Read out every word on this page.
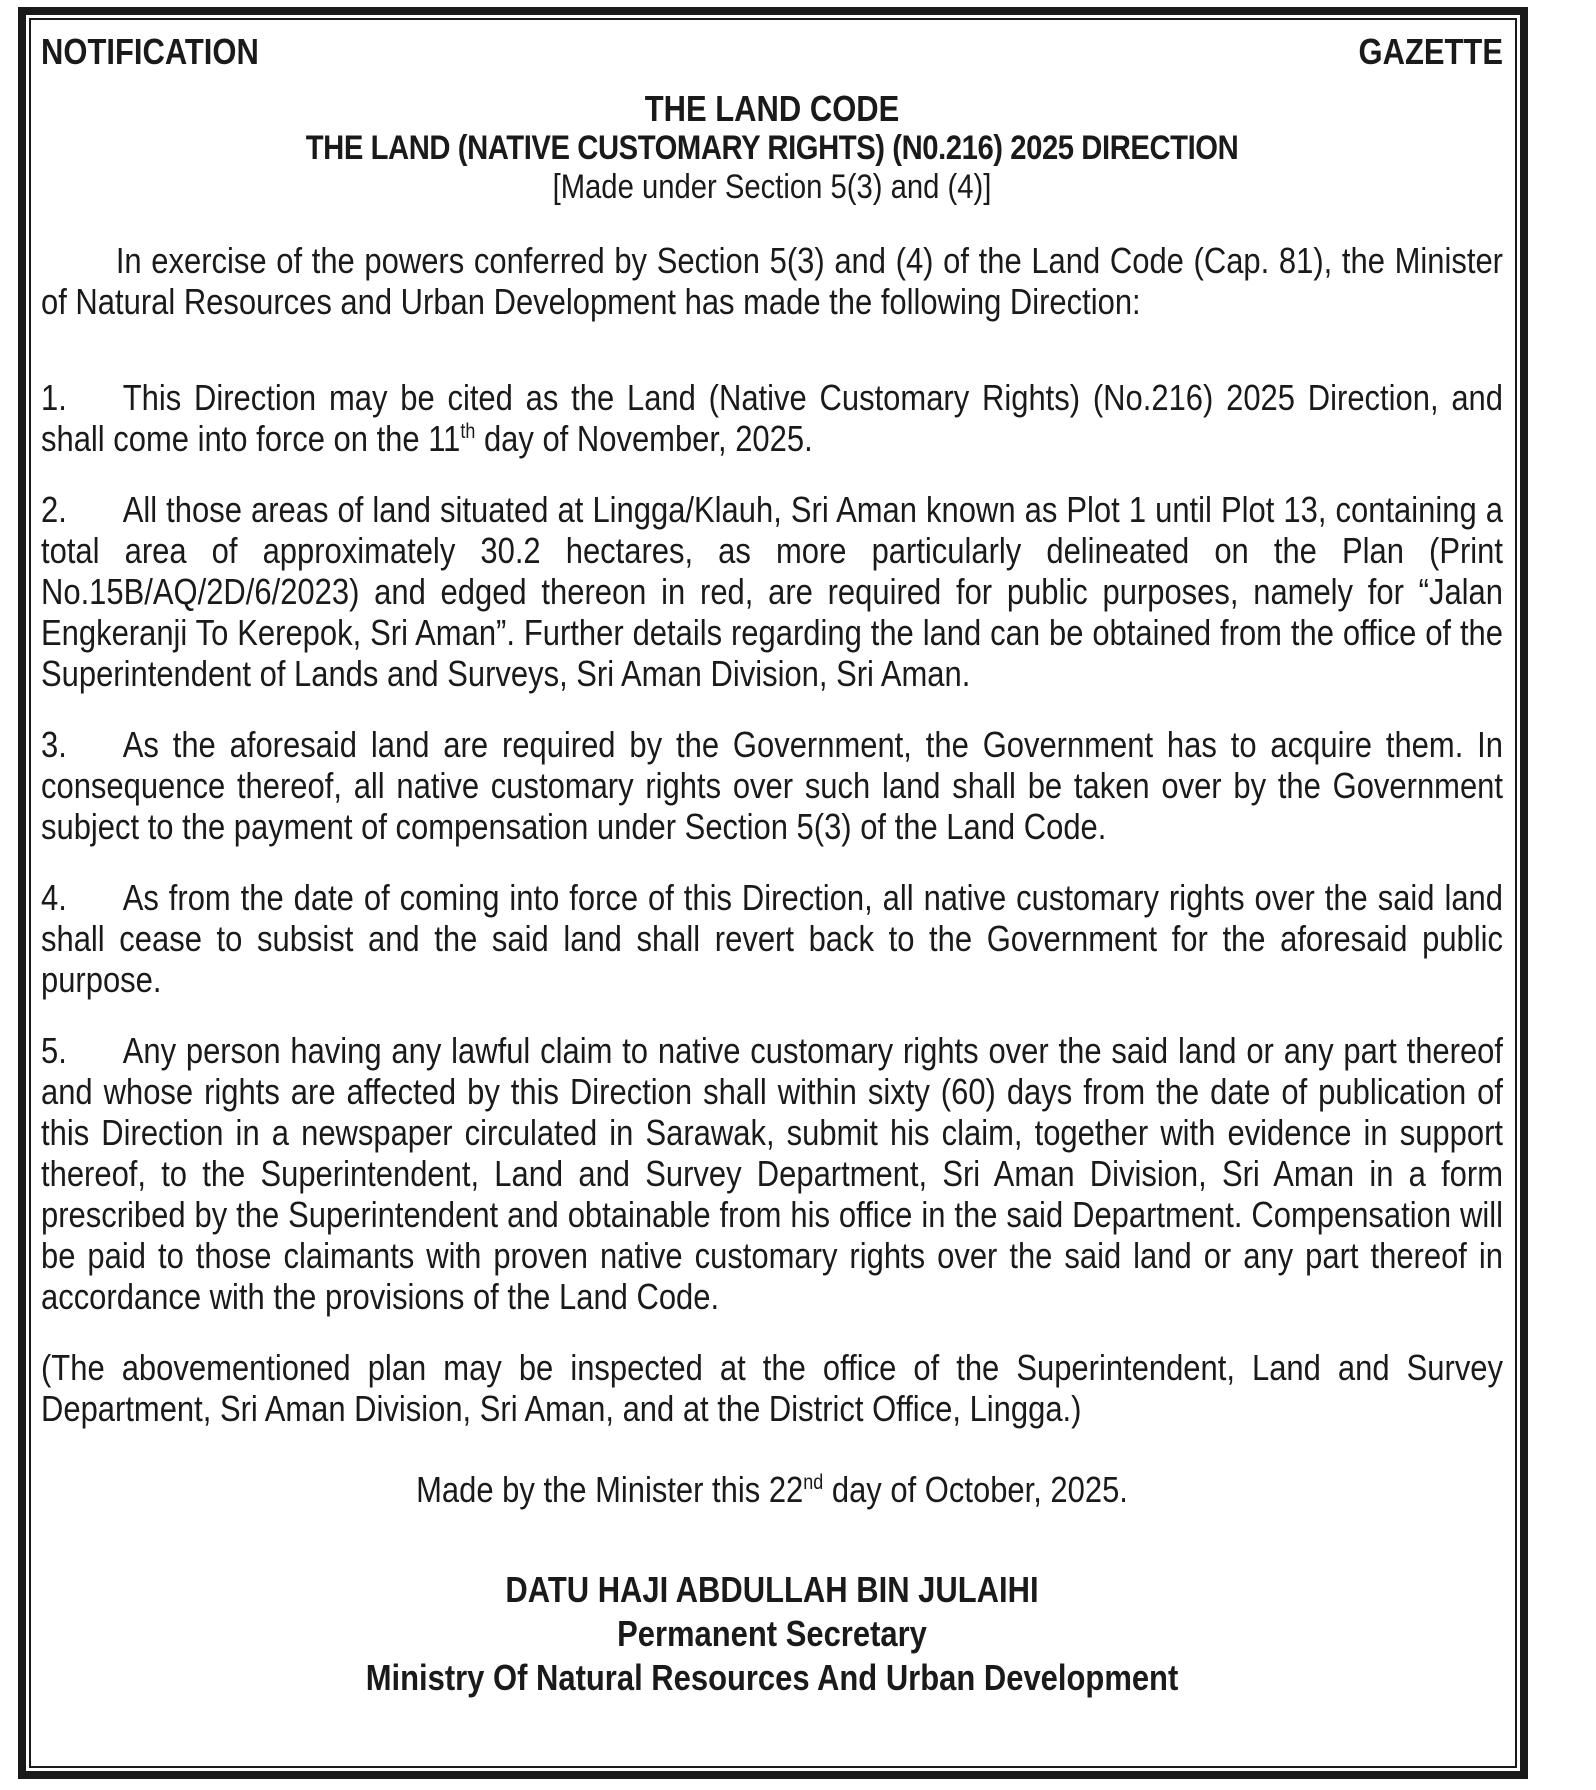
NOTIFICATION	GAZETTE
THE LAND CODE
THE LAND (NATIVE CUSTOMARY RIGHTS) (N0.216) 2025 DIRECTION
[Made under Section 5(3) and (4)]
In exercise of the powers conferred by Section 5(3) and (4) of the Land Code (Cap. 81), the Minister of Natural Resources and Urban Development has made the following Direction:
1. This Direction may be cited as the Land (Native Customary Rights) (No.216) 2025 Direction, and shall come into force on the 11th day of November, 2025.
2. All those areas of land situated at Lingga/Klauh, Sri Aman known as Plot 1 until Plot 13, containing a total area of approximately 30.2 hectares, as more particularly delineated on the Plan (Print No.15B/AQ/2D/6/2023) and edged thereon in red, are required for public purposes, namely for “Jalan Engkeranji To Kerepok, Sri Aman”. Further details regarding the land can be obtained from the office of the Superintendent of Lands and Surveys, Sri Aman Division, Sri Aman.
3. As the aforesaid land are required by the Government, the Government has to acquire them. In consequence thereof, all native customary rights over such land shall be taken over by the Government subject to the payment of compensation under Section 5(3) of the Land Code.
4. As from the date of coming into force of this Direction, all native customary rights over the said land shall cease to subsist and the said land shall revert back to the Government for the aforesaid public purpose.
5. Any person having any lawful claim to native customary rights over the said land or any part thereof and whose rights are affected by this Direction shall within sixty (60) days from the date of publication of this Direction in a newspaper circulated in Sarawak, submit his claim, together with evidence in support thereof, to the Superintendent, Land and Survey Department, Sri Aman Division, Sri Aman in a form prescribed by the Superintendent and obtainable from his office in the said Department. Compensation will be paid to those claimants with proven native customary rights over the said land or any part thereof in accordance with the provisions of the Land Code.
(The abovementioned plan may be inspected at the office of the Superintendent, Land and Survey Department, Sri Aman Division, Sri Aman, and at the District Office, Lingga.)
Made by the Minister this 22nd day of October, 2025.
DATU HAJI ABDULLAH BIN JULAIHI
Permanent Secretary
Ministry Of Natural Resources And Urban Development
